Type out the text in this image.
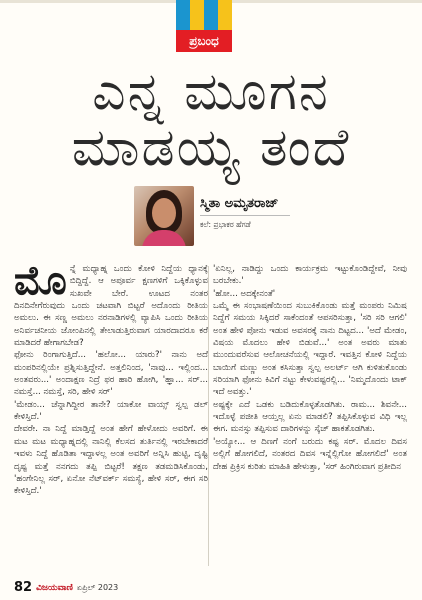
ಪ್ರಬಂಧ
ಎನ್ನ ಮೂಗನ
ಮಾಡಯ್ಯ ತಂದೆ
ಸ್ಮಿತಾ ಅಮೃತರಾಜ್
ಕಲೆ: ಪ್ರಭಾಕರ ಹೆಗಡೆ
ಮೊ ನ್ನೆ ಮಧ್ಯಾಹ್ನ ಒಂದು ಕೋಳಿ ನಿದ್ದೆಯ ಧ್ಯಾನಕ್ಕೆ ಬಿದ್ದಿದ್ದೆ. ಆ ಅಪೂರ್ವ ಕ್ಷಣಗಳಿಗೆ ಒಕ್ಕಿಕೊಳ್ಳುವ ಸುಖವೇ ಬೇರೆ. ಊಟದ ನಂತರ ದಿನದಿನೇಗೆರುವುದು ಒಂದು ಚಟವಾಗಿ ಬಿಟ್ಟರೆ ಅದೊಂದು ರೀತಿಯ ಅಮಲು. ಈ ಸಣ್ಣ ಅಮಲು ನರನಾಡಿಗಳಲ್ಲಿ ವ್ಯಾಪಿಸಿ ಒಂದು ರೀತಿಯ ಅನಿರ್ವಚನೀಯ ಜೋಂಪಿನಲ್ಲಿ ತೇಲಾಡುತ್ತಿರುವಾಗ ಯಾರದಾದರೂ ಕರೆ ಮಾಡಿದರೆ ಹೇಗಾಗಬೇಡ?

ಫೋನು ರಿಂಗಾಗುತ್ತಿದೆ... 'ಹಲೋ... ಯಾರು?' ನಾನು ಅದೆ ಮಂಪರಿನಲ್ಲಿಯೇ ಪ್ರಶ್ನಿಸುತ್ತಿದ್ದೇನೆ. ಅತ್ತಲಿನಿಂದ, 'ನಾವು... ಇಲ್ಲಿಂದ... ಅಂತವರು...' ಅಂದಾಕ್ಷಣ ನಿದ್ರೆ ಫರ ಹಾರಿ ಹೋಗಿ, 'ಹ್ಞಾ... ಸರ್... ನಮಸ್ತೆ... ನಮಸ್ತೆ, ಸರಿ, ಹೇಳಿ ಸರ್'

'ಮೇಡಂ... ಚೆನ್ನಾಗಿದ್ದೀರ ತಾನೇ? ಯಾಕೋ ವಾಯ್ಸ್ ಸ್ವಲ್ಪ ಡಲ್ ಕೇಳಿಸ್ತಿದೆ.'

ದೇವರೇ. ನಾ ನಿದ್ದೆ ಮಾಡ್ತಿದ್ದೆ ಅಂತ ಹೇಗೆ ಹೇಳೋದು ಅವರಿಗೆ. ಈ ಮಟ ಮಟ ಮಧ್ಯಾಹ್ನದಲ್ಲಿ ನಾನಿಲ್ಲಿ ಕೆಲಸದ ತುರ್ತಿನಲ್ಲಿ ಇರಬೇಕಾದರೆ ಇವಳು ನಿದ್ದೆ ಹೊಡಿತಾ ಇದ್ದಾಳಲ್ಲ ಅಂತ ಅವರಿಗೆ ಅನ್ನಿಸಿ ಹುಟ್ಟಿ, ದೃಷ್ಟಿ ದೃಷ್ಟ ಮತ್ತೆ ನನಗದು ತಪ್ಪಿ ಬಿಟ್ಟರೆ! ತಕ್ಷಣ ತಡಮಡಿಸಿಕೊಂಡು, 'ಹಂಗೇನಿಲ್ಲ ಸರ್, ಏನೋ ನೆಟ್‌ವರ್ಕ್ ಸಮಸ್ಯೆ, ಹೇಳಿ ಸರ್, ಈಗ ಸರಿ ಕೇಳಿಸ್ತಿದೆ.'

'ಏನಿಲ್ಲ, ನಾಡಿದ್ದು ಒಂದು ಕಾರ್ಯಕ್ರಮ ಇಟ್ಟುಕೊಂಡಿದ್ದೇವೆ, ನೀವು ಬರಬೇಕು.'

'ಹೋ... ಅದಕ್ಕೇನಂತೆ'

ಒಮ್ಮೆ ಈ ಸಂಭಾಷಣೆಯಿಂದ ಸುಬುಕಿಕೊಂಡು ಮತ್ತೆ ಮಂಪರು ನಿಮಿಷ ನಿದ್ದೆಗೆ ಸಮಯ ಸಿಕ್ಕಿದರೆ ಸಾಕೆಂದಂತೆ ಆಪಸರಿಸುತ್ತಾ, 'ಸರಿ ಸರಿ ಆಗಲಿ' ಅಂತ ಹೇಳಿ ಪೋನು ಇಡುವ ಅವಸರಕ್ಕೆ ನಾನು ದಿಟ್ಟದ... 'ಅದೆ ಮೇಡಂ, ವಿಷಯ ಮೊದಲು ಹೇಳಿ ಬಿಡುವೆ...' ಅಂತ ಅವರು ಮಾತು ಮುಂದುವರೆಸುವ ಆಲೋಚನೆಯಲ್ಲಿ ಇದ್ದಾರೆ. ಇವತ್ತಿನ ಕೋಳಿ ನಿದ್ದೆಯ ಬಾಯಿಗೆ ಮಣ್ಣು ಅಂತ ಕಸಿಸುತ್ತಾ ಸ್ವಲ್ಪ ಅಲರ್ಟ್ ಆಗಿ ಕುಳಿತುಕೊಂಡು ಸರಿಯಾಗಿ ಫೋನು ಕಿವಿಗೆ ನಟ್ಟು ಕೇಳುವಷ್ಟರಲ್ಲಿ... 'ನಿಮ್ಮದೊಂದು ಟಾಕ್ ಇದೆ ಅವತ್ತು.'

ಅಷ್ಟಕ್ಕೇ ಎದೆ ಒಡಕು ಬಡಿದುಕೊಳ್ಳತೊಡಗಿತು. ರಾಮ... ಶಿವನೇ... ಇದೊಳ್ಳೆ ಪಜೀತಿ ಆಯ್ತಲ್ಲ ಏನು ಮಾಡಲಿ? ತಪ್ಪಿಸಿಕೊಳ್ಳುವ ವಿಧಿ ಇಲ್ಲ ಈಗ. ಮನಸ್ಸು ತಪ್ಪಿಸುವ ದಾರಿಗಳನ್ನು ಸ್ಕೆಚ್ ಹಾಕತೊಡಗಿತು.

'ಅಯ್ಯೋ... ಆ ದಿಣಗೆ ನಂಗೆ ಬರುದು ಕಷ್ಟ ಸರ್. ಮೊದಲ ದಿವಸ ಅಲ್ಲಿಗೆ ಹೋಗಲಿದೆ, ನಂತರದ ದಿವಸ ಇನ್ನೆಲ್ಲಿಗೋ ಹೋಗಲಿದೆ' ಅಂತ ದೇಹ ಪ್ರಿಕ್ರಿಸ ಕುರಿತು ಮಾಹಿತಿ ಹೇಳುತ್ತಾ, 'ಸರ್ ಹಿಂಗಿರುವಾಗ ಪ್ರತೀದಿನ

82 ವಿಜಯವಾಣಿ ಏಪ್ರಿಲ್ 2023
